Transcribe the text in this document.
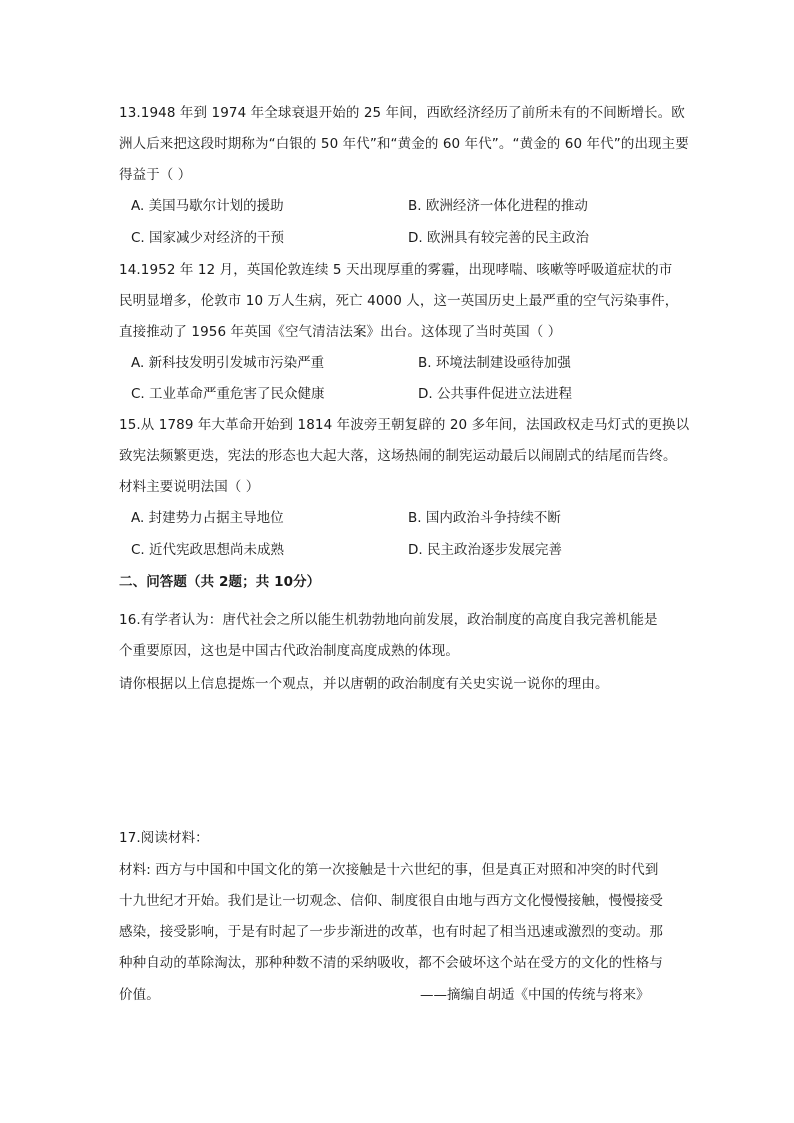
13.1948 年到 1974 年全球衰退开始的 25 年间，西欧经济经历了前所未有的不间断增长。欧
洲人后来把这段时期称为“白银的 50 年代”和“黄金的 60 年代”。“黄金的 60 年代”的出现主要
得益于（ ）
A. 美国马歇尔计划的援助	B. 欧洲经济一体化进程的推动
C. 国家减少对经济的干预	D. 欧洲具有较完善的民主政治
14.1952 年 12 月，英国伦敦连续 5 天出现厚重的雾霾，出现哮喘、咳嗽等呼吸道症状的市
民明显增多，伦敦市 10 万人生病，死亡 4000 人，这一英国历史上最严重的空气污染事件，
直接推动了 1956 年英国《空气清洁法案》出台。这体现了当时英国（ ）
A. 新科技发明引发城市污染严重	B. 环境法制建设亟待加强
C. 工业革命严重危害了民众健康	D. 公共事件促进立法进程
15.从 1789 年大革命开始到 1814 年波旁王朝复辟的 20 多年间，法国政权走马灯式的更换以
致宪法频繁更迭，宪法的形态也大起大落，这场热闹的制宪运动最后以闹剧式的结尾而告终。
材料主要说明法国（ ）
A. 封建势力占据主导地位	B. 国内政治斗争持续不断
C. 近代宪政思想尚未成熟	D. 民主政治逐步发展完善
二、问答题（共 2题；共 10分）
16.有学者认为：唐代社会之所以能生机勃勃地向前发展，政治制度的高度自我完善机能是
个重要原因，这也是中国古代政治制度高度成熟的体现。
请你根据以上信息提炼一个观点，并以唐朝的政治制度有关史实说一说你的理由。
17.阅读材料：
材料: 西方与中国和中国文化的第一次接触是十六世纪的事，但是真正对照和冲突的时代到
十九世纪才开始。我们是让一切观念、信仰、制度很自由地与西方文化慢慢接触，慢慢接受
感染，接受影响，于是有时起了一步步渐进的改革，也有时起了相当迅速或激烈的变动。那
种种自动的革除淘汰，那种种数不清的采纳吸收，都不会破坏这个站在受方的文化的性格与
价值。	——摘编自胡适《中国的传统与将来》
